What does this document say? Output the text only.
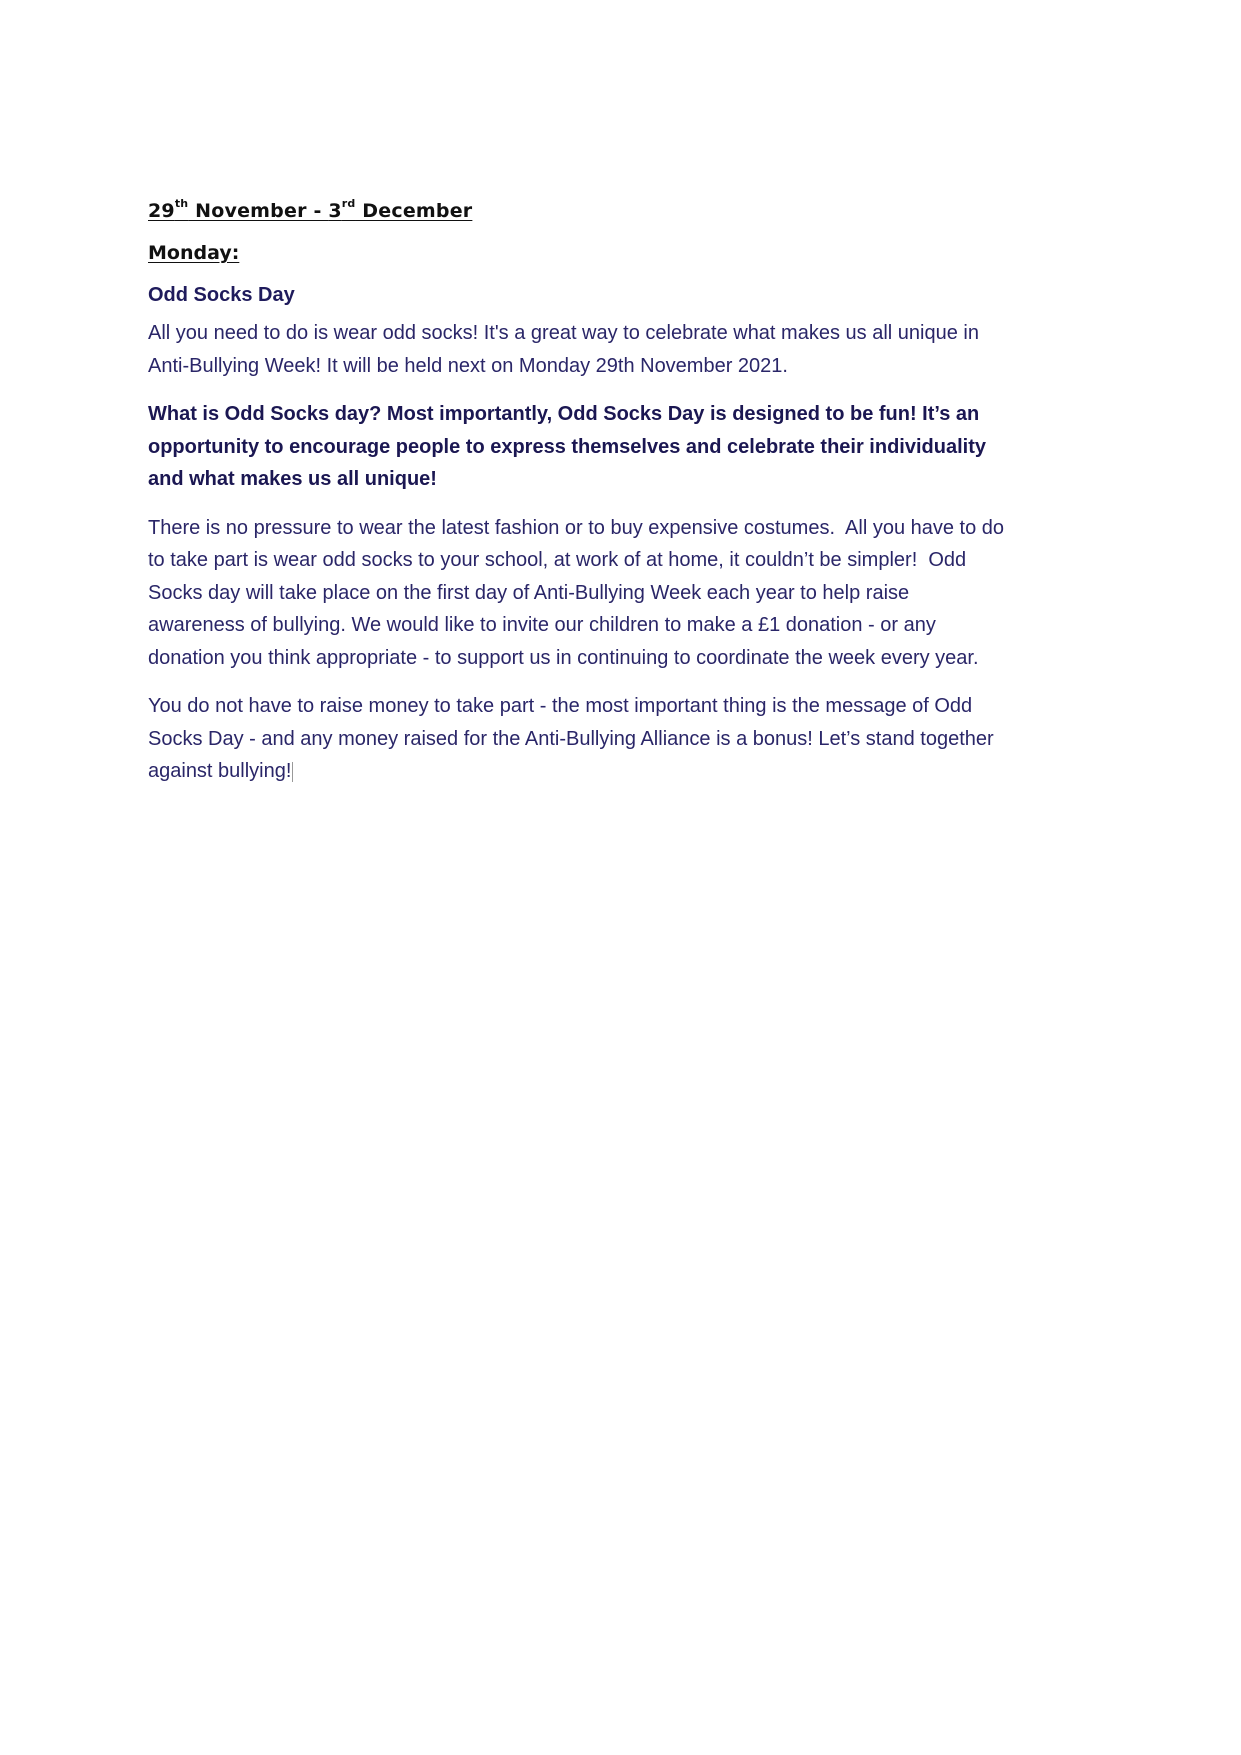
29th November - 3rd December
Monday:
Odd Socks Day

All you need to do is wear odd socks! It's a great way to celebrate what makes us all unique in Anti-Bullying Week! It will be held next on Monday 29th November 2021.

What is Odd Socks day? Most importantly, Odd Socks Day is designed to be fun! It’s an opportunity to encourage people to express themselves and celebrate their individuality and what makes us all unique!

There is no pressure to wear the latest fashion or to buy expensive costumes.  All you have to do to take part is wear odd socks to your school, at work of at home, it couldn’t be simpler!  Odd Socks day will take place on the first day of Anti-Bullying Week each year to help raise awareness of bullying. We would like to invite our children to make a £1 donation - or any donation you think appropriate - to support us in continuing to coordinate the week every year.

You do not have to raise money to take part - the most important thing is the message of Odd Socks Day - and any money raised for the Anti-Bullying Alliance is a bonus! Let’s stand together against bullying!
